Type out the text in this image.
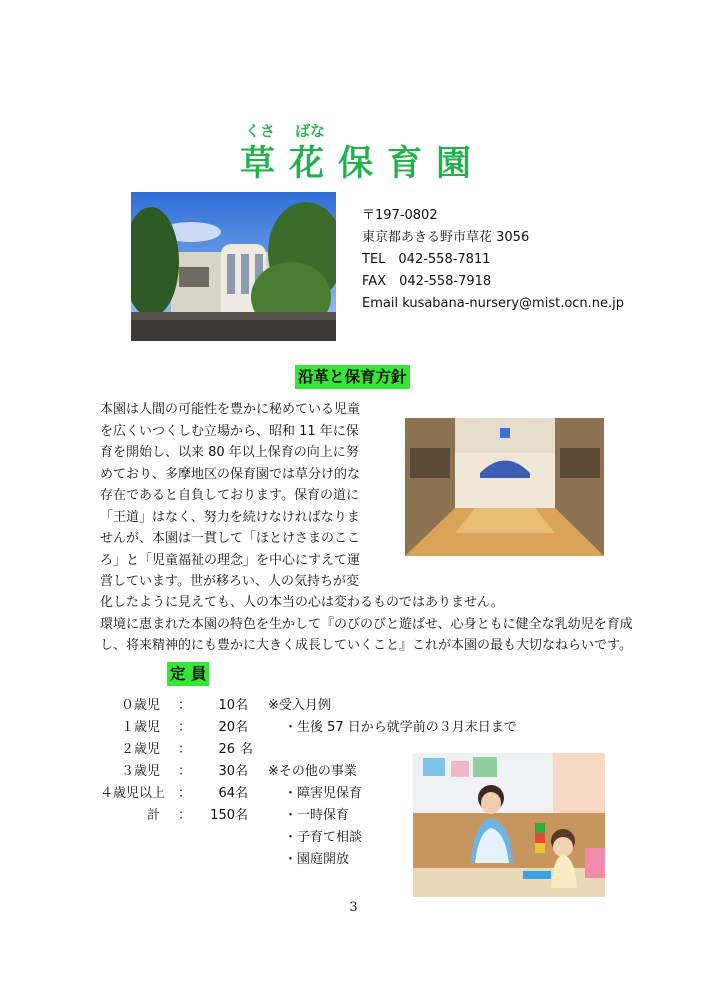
くさ ばな
草花保育園
〒197-0802
東京都あきる野市草花 3056
TEL　042-558-7811
FAX　042-558-7918
Email kusabana-nursery@mist.ocn.ne.jp
沿革と保育方針
本園は人間の可能性を豊かに秘めている児童
を広くいつくしむ立場から、昭和 11 年に保
育を開始し、以来 80 年以上保育の向上に努
めており、多摩地区の保育園では草分け的な
存在であると自負しております。保育の道に
「王道」はなく、努力を続けなければなりま
せんが、本園は一貫して「ほとけさまのここ
ろ」と「児童福祉の理念」を中心にすえて運
営しています。世が移ろい、人の気持ちが変
化したように見えても、人の本当の心は変わるものではありません。
環境に恵まれた本園の特色を生かして『のびのびと遊ばせ、心身ともに健全な乳幼児を育成
し、将来精神的にも豊かに大きく成長していくこと』これが本園の最も大切なねらいです。
定 員
０歳児 ：	10 名
１歳児 ：	20 名
２歳児 ：	26 名
３歳児 ：	30 名
４歳児以上 ：	64 名
計 ：	150 名
※受入月例
・生後 57 日から就学前の３月末日まで
※その他の事業
・障害児保育
・一時保育
・子育て相談
・園庭開放
3
